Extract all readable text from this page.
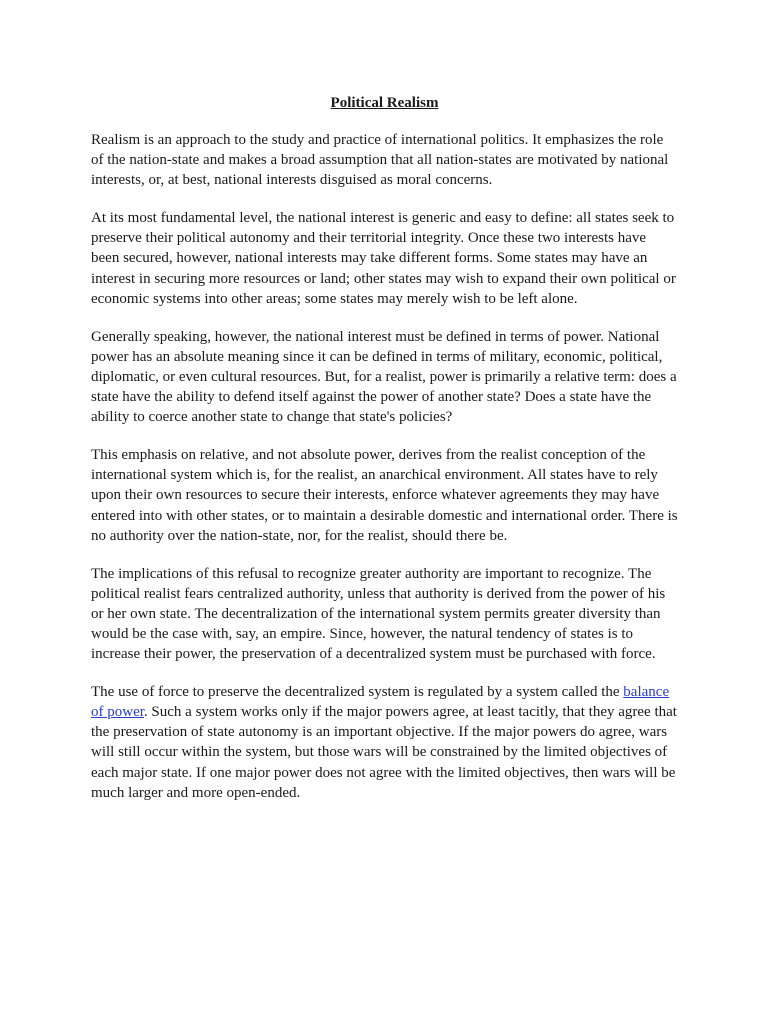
Political Realism

Realism is an approach to the study and practice of international politics. It emphasizes the role of the nation-state and makes a broad assumption that all nation-states are motivated by national interests, or, at best, national interests disguised as moral concerns.

At its most fundamental level, the national interest is generic and easy to define: all states seek to preserve their political autonomy and their territorial integrity. Once these two interests have been secured, however, national interests may take different forms. Some states may have an interest in securing more resources or land; other states may wish to expand their own political or economic systems into other areas; some states may merely wish to be left alone.

Generally speaking, however, the national interest must be defined in terms of power. National power has an absolute meaning since it can be defined in terms of military, economic, political, diplomatic, or even cultural resources. But, for a realist, power is primarily a relative term: does a state have the ability to defend itself against the power of another state? Does a state have the ability to coerce another state to change that state's policies?

This emphasis on relative, and not absolute power, derives from the realist conception of the international system which is, for the realist, an anarchical environment. All states have to rely upon their own resources to secure their interests, enforce whatever agreements they may have entered into with other states, or to maintain a desirable domestic and international order. There is no authority over the nation-state, nor, for the realist, should there be.

The implications of this refusal to recognize greater authority are important to recognize. The political realist fears centralized authority, unless that authority is derived from the power of his or her own state. The decentralization of the international system permits greater diversity than would be the case with, say, an empire. Since, however, the natural tendency of states is to increase their power, the preservation of a decentralized system must be purchased with force.

The use of force to preserve the decentralized system is regulated by a system called the balance of power. Such a system works only if the major powers agree, at least tacitly, that they agree that the preservation of state autonomy is an important objective. If the major powers do agree, wars will still occur within the system, but those wars will be constrained by the limited objectives of each major state. If one major power does not agree with the limited objectives, then wars will be much larger and more open-ended.
